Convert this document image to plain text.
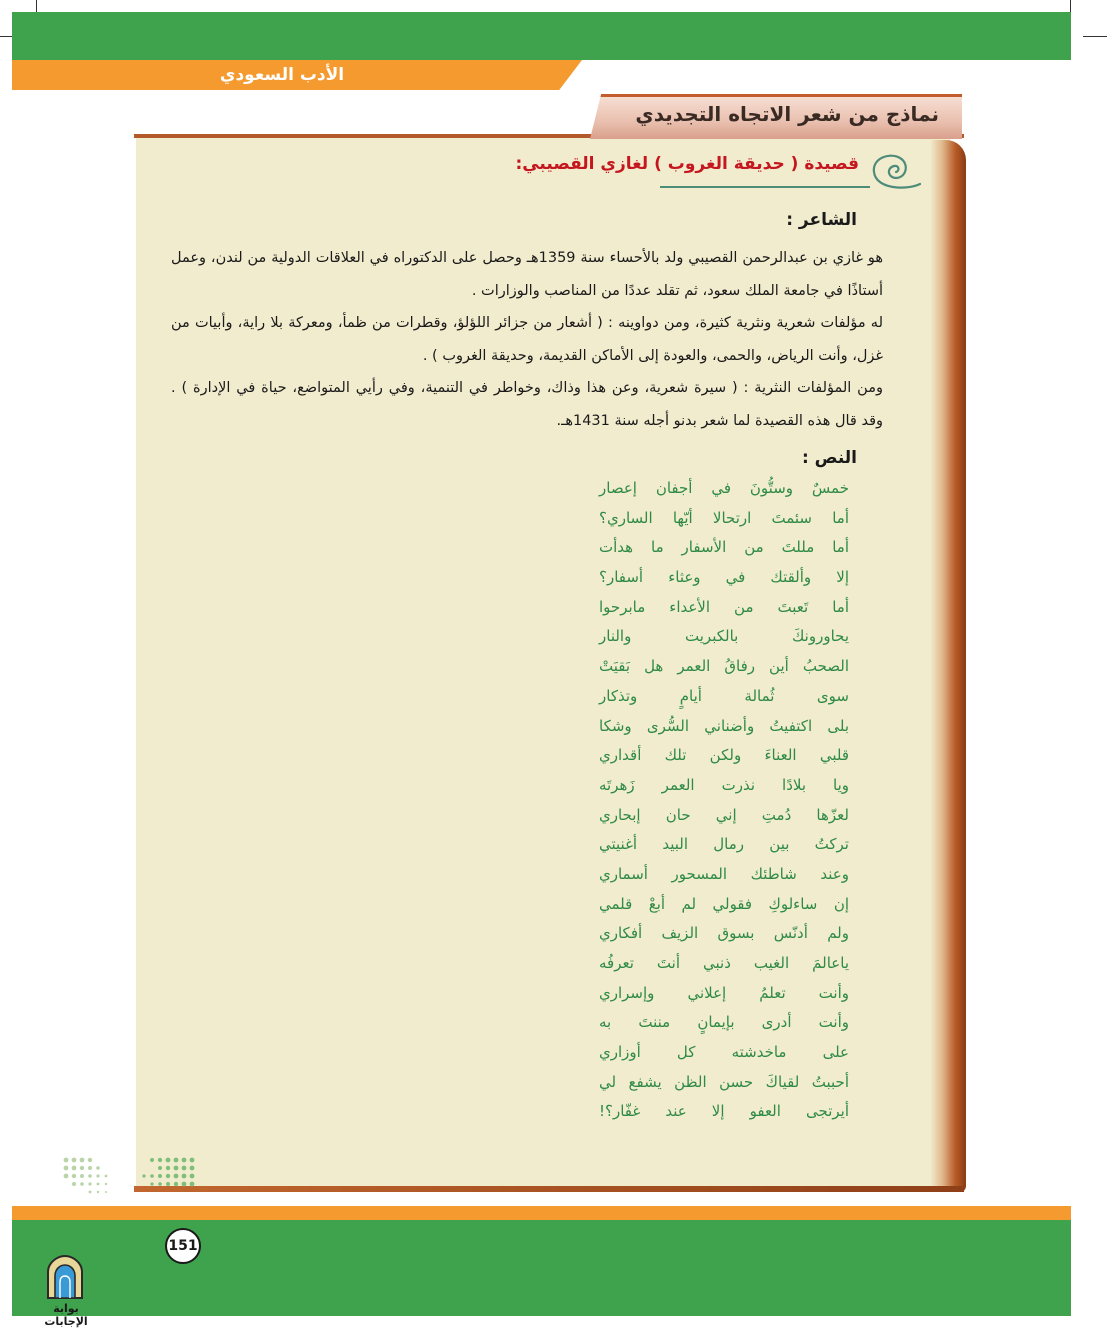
الأدب السعودي
نماذج من شعر الاتجاه التجديدي
قصيدة ( حديقة الغروب ) لغازي القصيبي:
الشاعر :

هو غازي بن عبدالرحمن القصيبي ولد بالأحساء سنة 1359هـ وحصل على الدكتوراه في العلاقات الدولية من لندن، وعمل أستاذًا في جامعة الملك سعود، ثم تقلد عددًا من المناصب والوزارات .

له مؤلفات شعرية ونثرية كثيرة، ومن دواوينه : ( أشعار من جزائر اللؤلؤ، وقطرات من ظمأ، ومعركة بلا راية، وأبيات من غزل، وأنت الرياض، والحمى، والعودة إلى الأماكن القديمة، وحديقة الغروب ) .

ومن المؤلفات النثرية : ( سيرة شعرية، وعن هذا وذاك، وخواطر في التنمية، وفي رأيي المتواضع، حياة في الإدارة ) . وقد قال هذه القصيدة لما شعر بدنو أجله سنة 1431هـ.

النص :
خمسٌ وستُّونَ في أجفان إعصار
أما سئمتَ ارتحالا أيّها الساري؟
أما مللتَ من الأسفار ما هدأت
إلا وألقتك في وعثاء أسفار؟
أما تَعبتَ من الأعداء مابرحوا
يحاورونكَ بالكبريت والنار
الصحبُ أين رفاقُ العمر هل بَقيَتْ
سوى ثُمالة أيامٍ وتذكار
بلى اكتفيتُ وأضناني السُّرى وشكا
قلبي العناءَ ولكن تلك أقداري
ويا بلادًا نذرت العمر زَهرتَه
لعزّها دُمتِ إني حان إبحاري
تركتُ بين رمال البيد أغنيتي
وعند شاطئك المسحور أسماري
إن ساءلوكِ فقولي لم أبعْ قلمي
ولم أدنّس بسوق الزيف أفكاري
ياعالمَ الغيب ذنبي أنتَ تعرفُه
وأنت تعلمُ إعلاني وإسراري
وأنت أدرى بإيمانٍ مننتَ به
على ماخدشته كل أوزاري
أحببتُ لقياكَ حسن الظن يشفع لي
أيرتجى العفو إلا عند غفّار؟!
151
بوابة الإجابات
